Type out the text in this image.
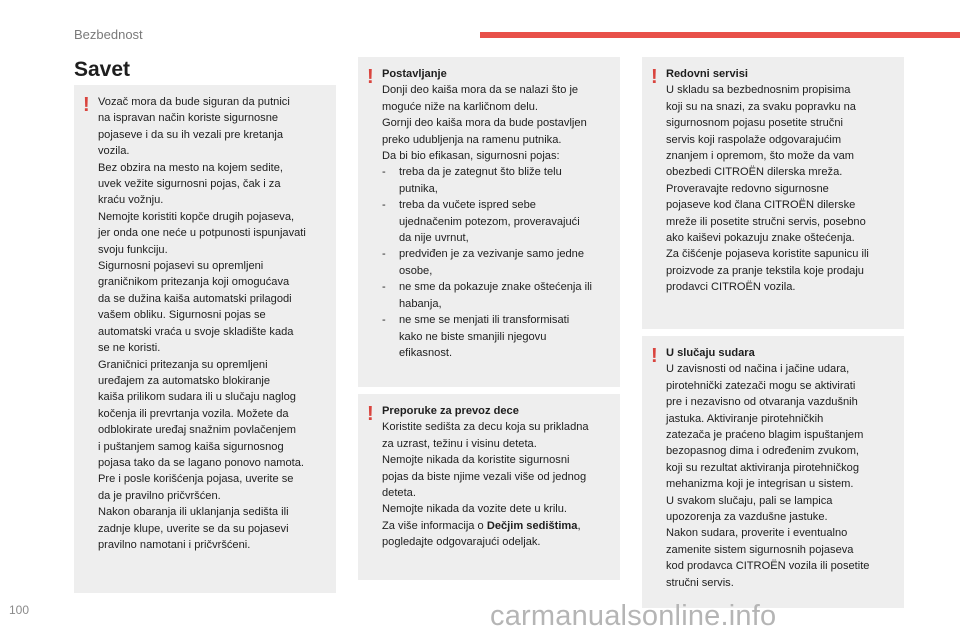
Bezbednost
Savet
! Vozač mora da bude siguran da putnici
na ispravan način koriste sigurnosne
pojaseve i da su ih vezali pre kretanja
vozila.
Bez obzira na mesto na kojem sedite,
uvek vežite sigurnosni pojas, čak i za
kraću vožnju.
Nemojte koristiti kopče drugih pojaseva,
jer onda one neće u potpunosti ispunjavati
svoju funkciju.
Sigurnosni pojasevi su opremljeni
graničnikom pritezanja koji omogućava
da se dužina kaiša automatski prilagodi
vašem obliku. Sigurnosni pojas se
automatski vraća u svoje skladište kada
se ne koristi.
Graničnici pritezanja su opremljeni
uređajem za automatsko blokiranje
kaiša prilikom sudara ili u slučaju naglog
kočenja ili prevrtanja vozila. Možete da
odblokirate uređaj snažnim povlačenjem
i puštanjem samog kaiša sigurnosnog
pojasa tako da se lagano ponovo namota.
Pre i posle korišćenja pojasa, uverite se
da je pravilno pričvršćen.
Nakon obaranja ili uklanjanja sedišta ili
zadnje klupe, uverite se da su pojasevi
pravilno namotani i pričvršćeni.
! Postavljanje
Donji deo kaiša mora da se nalazi što je
moguće niže na karličnom delu.
Gornji deo kaiša mora da bude postavljen
preko udubljenja na ramenu putnika.
Da bi bio efikasan, sigurnosni pojas:
-	treba da je zategnut što bliže telu
putnika,
-	treba da vučete ispred sebe
ujednačenim potezom, proveravajući
da nije uvrnut,
-	predviđen je za vezivanje samo jedne
osobe,
-	ne sme da pokazuje znake oštećenja ili
habanja,
-	ne sme se menjati ili transformisati
kako ne biste smanjili njegovu
efikasnost.
! Preporuke za prevoz dece
Koristite sedišta za decu koja su prikladna
za uzrast, težinu i visinu deteta.
Nemojte nikada da koristite sigurnosni
pojas da biste njime vezali više od jednog
deteta.
Nemojte nikada da vozite dete u krilu.
Za više informacija o Dečjim sedištima,
pogledajte odgovarajući odeljak.
! Redovni servisi
U skladu sa bezbednosnim propisima
koji su na snazi, za svaku popravku na
sigurnosnom pojasu posetite stručni
servis koji raspolaže odgovarajućim
znanjem i opremom, što može da vam
obezbedi CITROËN dilerska mreža.
Proveravajte redovno sigurnosne
pojaseve kod člana CITROËN dilerske
mreže ili posetite stručni servis, posebno
ako kaiševi pokazuju znake oštećenja.
Za čišćenje pojaseva koristite sapunicu ili
proizvode za pranje tekstila koje prodaju
prodavci CITROËN vozila.
! U slučaju sudara
U zavisnosti od načina i jačine udara,
pirotehnički zatezači mogu se aktivirati
pre i nezavisno od otvaranja vazdušnih
jastuka. Aktiviranje pirotehničkih
zatezača je praćeno blagim ispuštanjem
bezopasnog dima i određenim zvukom,
koji su rezultat aktiviranja pirotehničkog
mehanizma koji je integrisan u sistem.
U svakom slučaju, pali se lampica
upozorenja za vazdušne jastuke.
Nakon sudara, proverite i eventualno
zamenite sistem sigurnosnih pojaseva
kod prodavca CITROËN vozila ili posetite
stručni servis.
100	carmanualsonline.info
